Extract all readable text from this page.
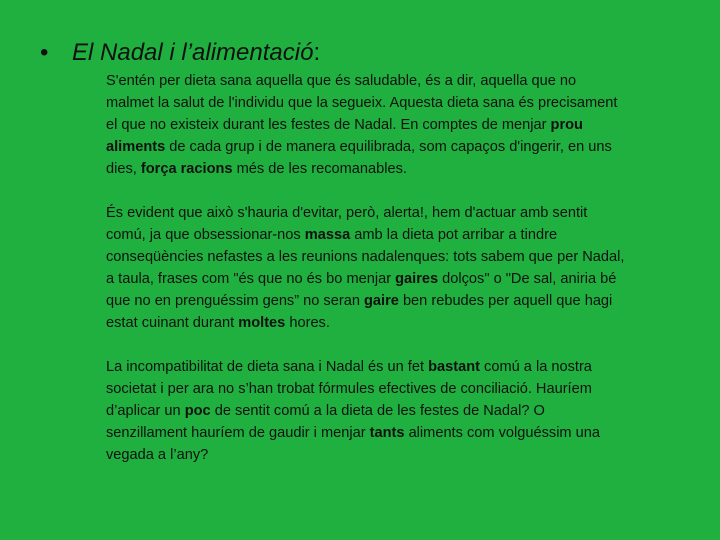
• El Nadal i l’alimentació:

S'entén per dieta sana aquella que és saludable, és a dir, aquella que no malmet la salut de l'individu que la segueix. Aquesta dieta sana és precisament el que no existeix durant les festes de Nadal. En comptes de menjar prou aliments de cada grup i de manera equilibrada, som capaços d'ingerir, en uns dies, força racions més de les recomanables.

És evident que això s'hauria d'evitar, però, alerta!, hem d'actuar amb sentit comú, ja que obsessionar-nos massa amb la dieta pot arribar a tindre conseqüències nefastes a les reunions nadalenques: tots sabem que per Nadal, a taula, frases com "és que no és bo menjar gaires dolços" o "De sal, aniria bé que no en prenguéssim gens” no seran gaire ben rebudes per aquell que hagi estat cuinant durant moltes hores.

La incompatibilitat de dieta sana i Nadal és un fet bastant comú a la nostra societat i per ara no s’han trobat fórmules efectives de conciliació. Hauríem d’aplicar un poc de sentit comú a la dieta de les festes de Nadal? O senzillament hauríem de gaudir i menjar tants aliments com volguéssim una vegada a l’any?
